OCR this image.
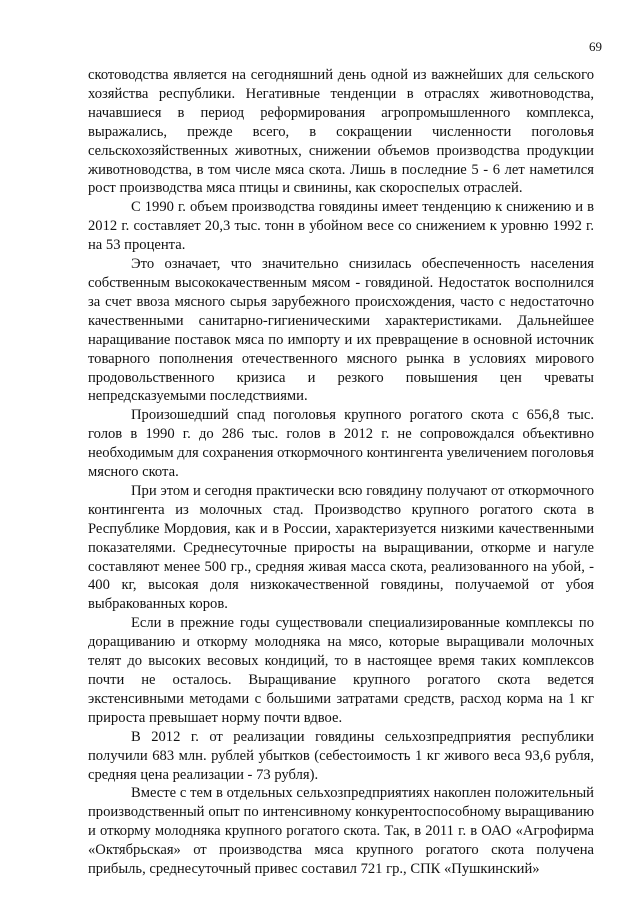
69

скотоводства является на сегодняшний день одной из важнейших для сельского хозяйства республики. Негативные тенденции в отраслях животноводства, начавшиеся в период реформирования агропромышленного комплекса, выражались, прежде всего, в сокращении численности поголовья сельскохозяйственных животных, снижении объемов производства продукции животноводства, в том числе мяса скота. Лишь в последние 5 - 6 лет наметился рост производства мяса птицы и свинины, как скороспелых отраслей.

С 1990 г. объем производства говядины имеет тенденцию к снижению и в 2012 г. составляет 20,3 тыс. тонн в убойном весе со снижением к уровню 1992 г. на 53 процента.

Это означает, что значительно снизилась обеспеченность населения собственным высококачественным мясом - говядиной. Недостаток восполнился за счет ввоза мясного сырья зарубежного происхождения, часто с недостаточно качественными санитарно-гигиеническими характеристиками. Дальнейшее наращивание поставок мяса по импорту и их превращение в основной источник товарного пополнения отечественного мясного рынка в условиях мирового продовольственного кризиса и резкого повышения цен чреваты непредсказуемыми последствиями.

Произошедший спад поголовья крупного рогатого скота с 656,8 тыс. голов в 1990 г. до 286 тыс. голов в 2012 г. не сопровождался объективно необходимым для сохранения откормочного контингента увеличением поголовья мясного скота.

При этом и сегодня практически всю говядину получают от откормочного контингента из молочных стад. Производство крупного рогатого скота в Республике Мордовия, как и в России, характеризуется низкими качественными показателями. Среднесуточные приросты на выращивании, откорме и нагуле составляют менее 500 гр., средняя живая масса скота, реализованного на убой, - 400 кг, высокая доля низкокачественной говядины, получаемой от убоя выбракованных коров.

Если в прежние годы существовали специализированные комплексы по доращиванию и откорму молодняка на мясо, которые выращивали молочных телят до высоких весовых кондиций, то в настоящее время таких комплексов почти не осталось. Выращивание крупного рогатого скота ведется экстенсивными методами с большими затратами средств, расход корма на 1 кг прироста превышает норму почти вдвое.

В 2012 г. от реализации говядины сельхозпредприятия республики получили 683 млн. рублей убытков (себестоимость 1 кг живого веса 93,6 рубля, средняя цена реализации - 73 рубля).

Вместе с тем в отдельных сельхозпредприятиях накоплен положительный производственный опыт по интенсивному конкурентоспособному выращиванию и откорму молодняка крупного рогатого скота. Так, в 2011 г. в ОАО «Агрофирма «Октябрьская» от производства мяса крупного рогатого скота получена прибыль, среднесуточный привес составил 721 гр., СПК «Пушкинский»
